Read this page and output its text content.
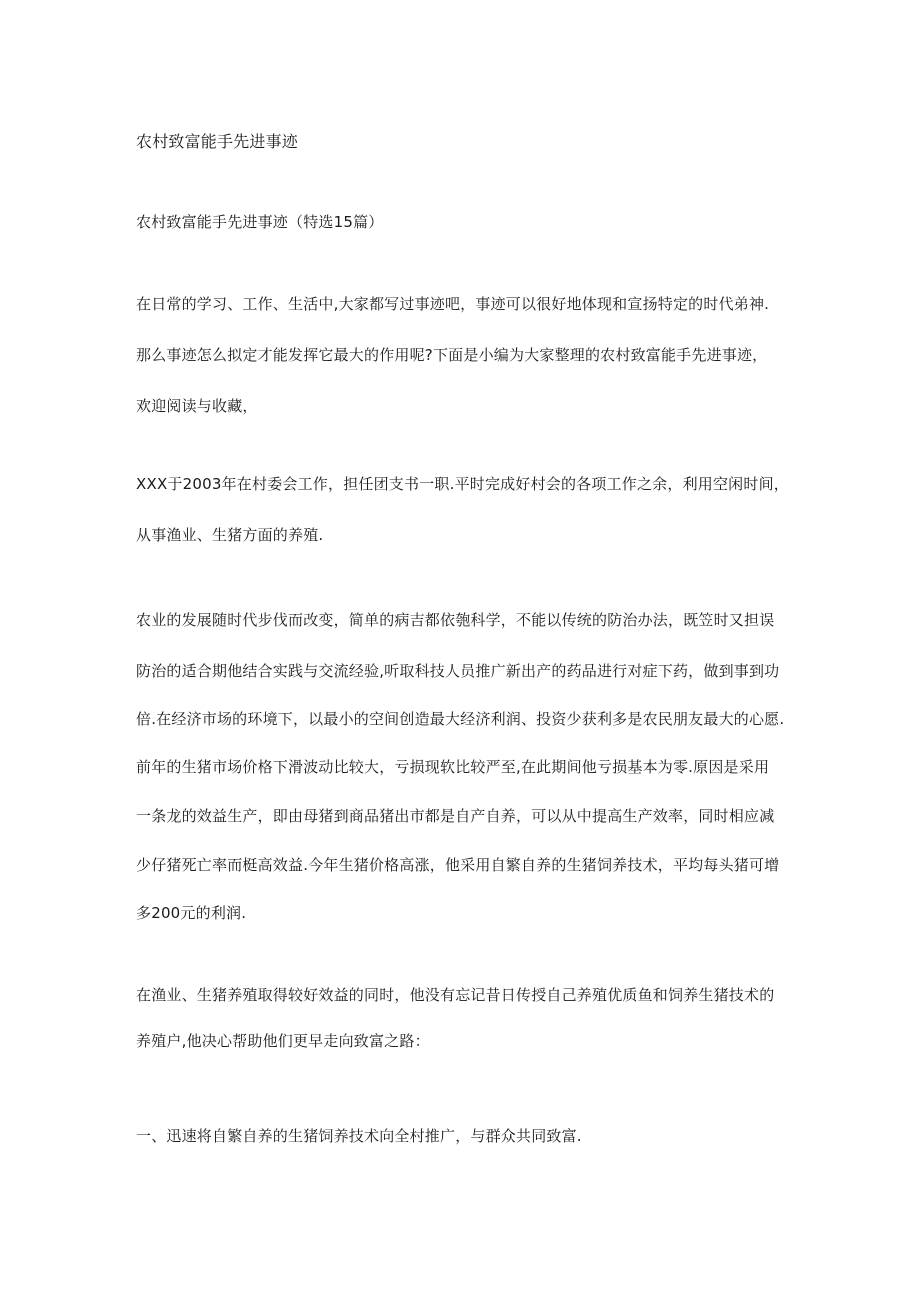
农村致富能手先进事迹
农村致富能手先进事迹（特选15篇）
在日常的学习、工作、生活中,大家都写过事迹吧，事迹可以很好地体现和宣扬特定的时代弟神.
那么事迹怎么拟定才能发挥它最大的作用呢?下面是小编为大家整理的农村致富能手先进事迹，
欢迎阅读与收藏，
XXX于2003年在村委会工作，担任团支书一职.平时完成好村会的各项工作之余，利用空闲时间，
从事渔业、生猪方面的养殖.
农业的发展随时代步伐而改变，简单的病吉都依匏科学，不能以传统的防治办法，既笠时又担误
防治的适合期他结合实践与交流经验,听取科技人员推广新出产的药品进行对症下药，做到事到功
倍.在经济市场的环境下，以最小的空间创造最大经济利润、投资少获利多是农民朋友最大的心愿.
前年的生猪市场价格下滑波动比较大，亏损现软比较严至,在此期间他亏损基本为零.原因是采用
一条龙的效益生产，即由母猪到商品猪出市都是自产自养，可以从中提高生产效率，同时相应减
少仔猪死亡率而梃高效益.今年生猪价格高涨，他采用自繁自养的生猪饲养技术，平均每头猪可增
多200元的利润.
在渔业、生猪养殖取得较好效益的同时，他没有忘记昔日传授自己养殖优质鱼和饲养生猪技术的
养殖户,他决心帮助他们更早走向致富之路：
一、迅速将自繁自养的生猪饲养技术向全村推广，与群众共同致富.
